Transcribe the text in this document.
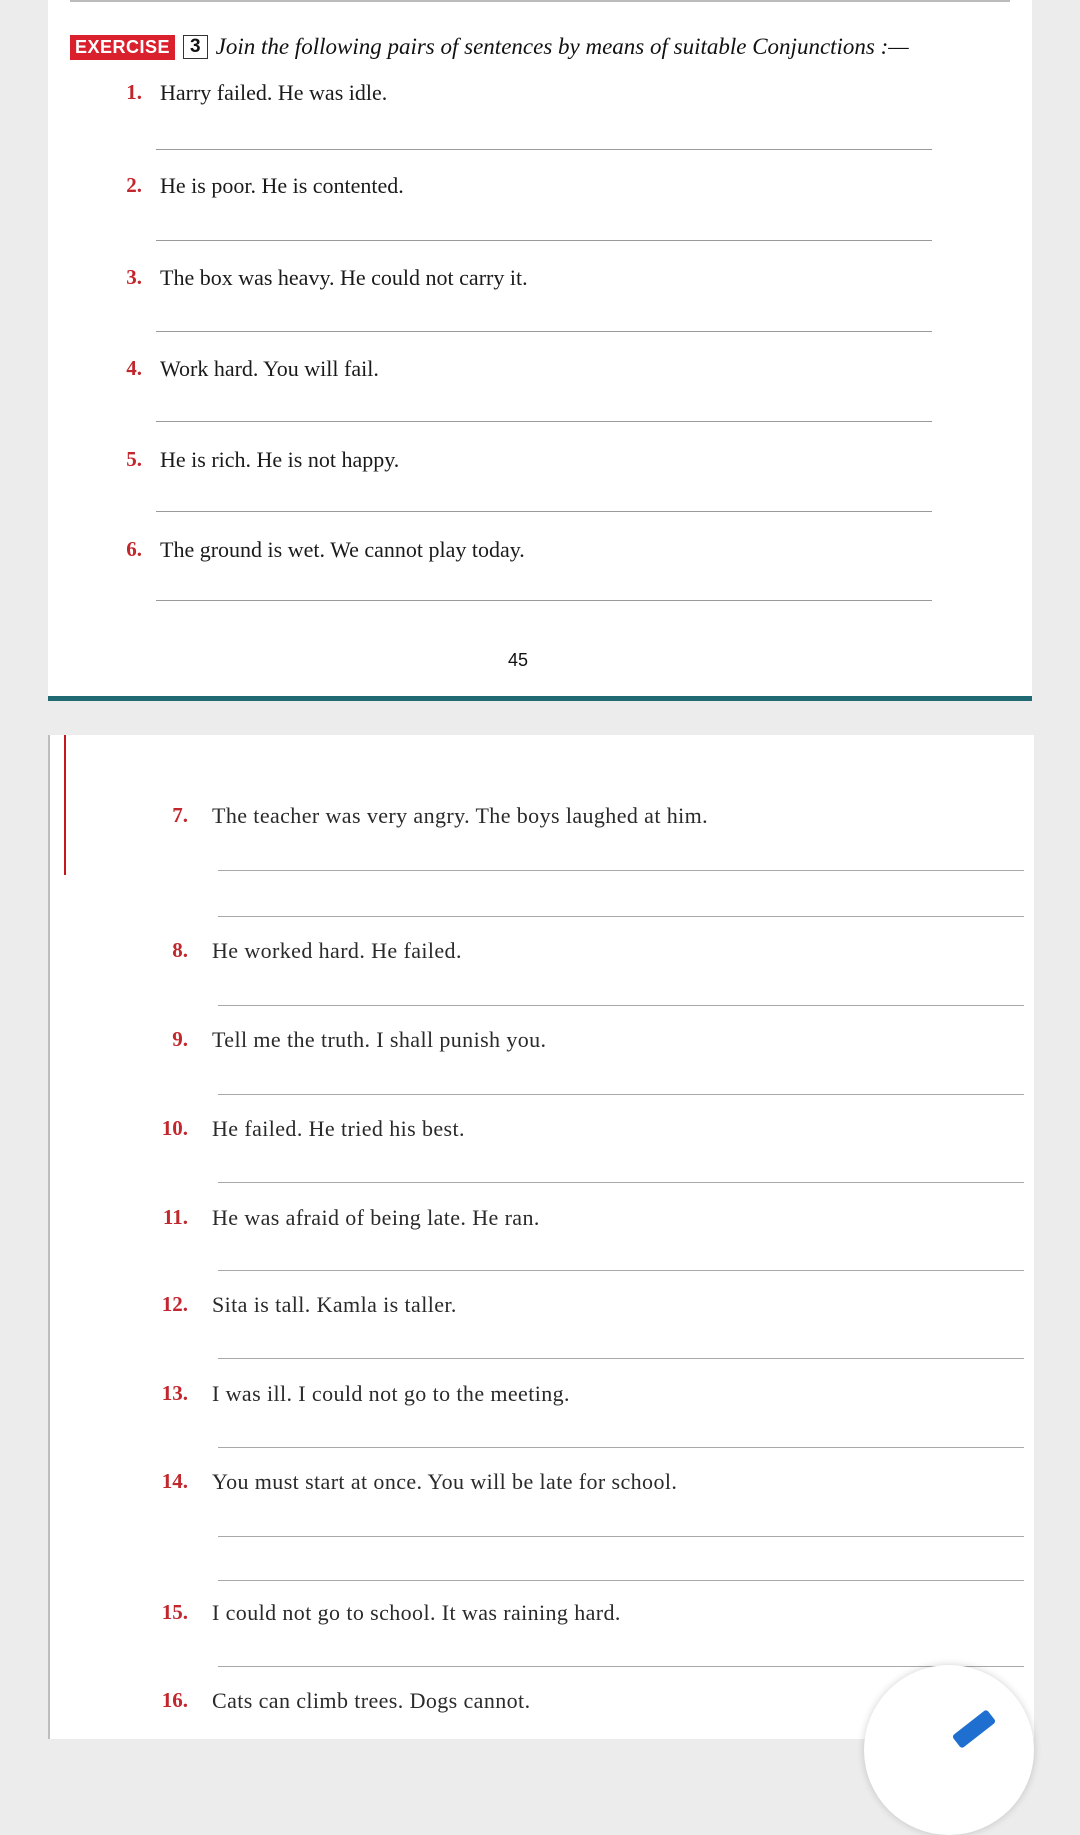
EXERCISE	3 Join the following pairs of sentences by means of suitable Conjunctions :—
1. Harry failed. He was idle.
2. He is poor. He is contented.
3. The box was heavy. He could not carry it.
4. Work hard. You will fail.
5. He is rich. He is not happy.
6. The ground is wet. We cannot play today.
45
7. The teacher was very angry. The boys laughed at him.
8. He worked hard. He failed.
9. Tell me the truth. I shall punish you.
10. He failed. He tried his best.
11. He was afraid of being late. He ran.
12. Sita is tall. Kamla is taller.
13. I was ill. I could not go to the meeting.
14. You must start at once. You will be late for school.
15. I could not go to school. It was raining hard.
16. Cats can climb trees. Dogs cannot.
